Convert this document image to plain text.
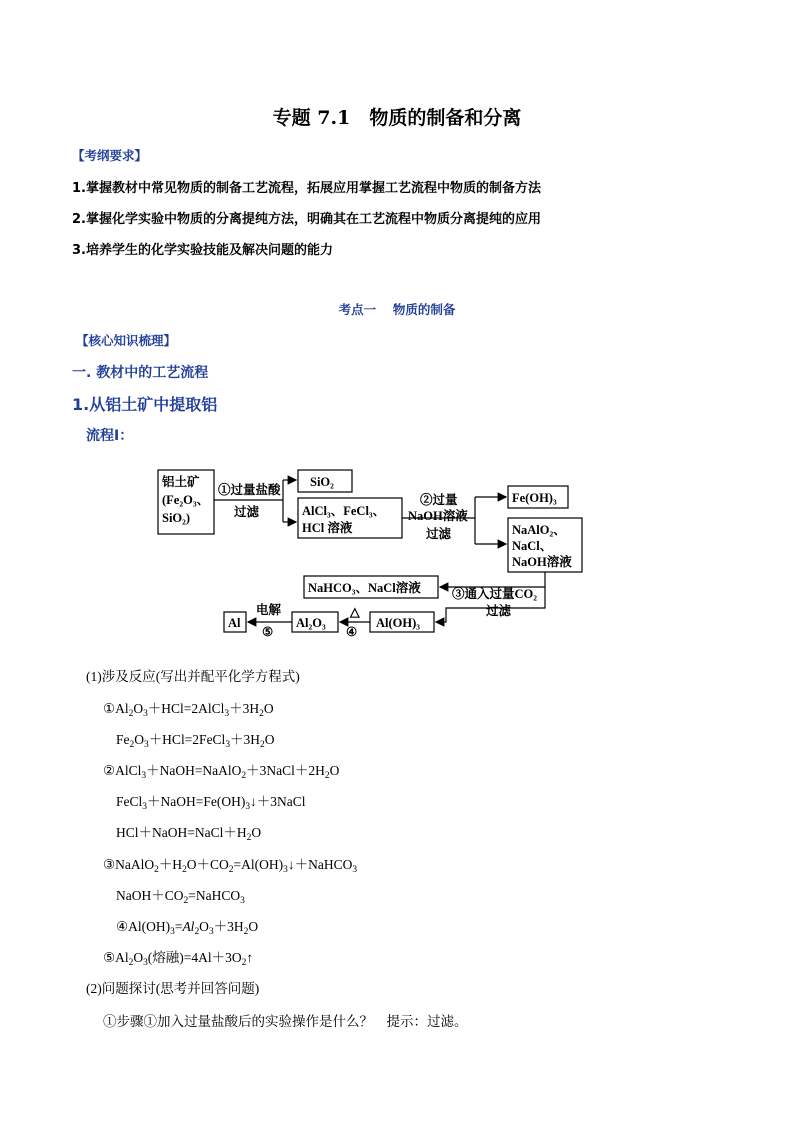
专题 7.1　物质的制备和分离
【考纲要求】
1.掌握教材中常见物质的制备工艺流程，拓展应用掌握工艺流程中物质的制备方法
2.掌握化学实验中物质的分离提纯方法，明确其在工艺流程中物质分离提纯的应用
3.培养学生的化学实验技能及解决问题的能力
考点一　 物质的制备
【核心知识梳理】
一. 教材中的工艺流程
1.从铝土矿中提取铝
流程Ⅰ：
铝土矿
(Fe₂O₃、
SiO₂)
①过量盐酸
过滤
SiO₂
AlCl₃、FeCl₃、
HCl 溶液
②过量
NaOH溶液
过滤
Fe(OH)₃
NaAlO₂、
NaCl、
NaOH溶液
NaHCO₃、NaCl溶液 ③通入过量CO₂
过滤
Al(OH)₃
△
④
Al₂O₃
电解
⑤
Al
(1)涉及反应(写出并配平化学方程式)
$①Al_2O_3+HCl=2AlCl_3+3H_2O$
$Fe_2O_3+HCl=2FeCl_3+3H_2O$
$②AlCl_3+NaOH=NaAlO_2+3NaCl+2H_2O$
$FeCl_3+NaOH=Fe(OH)_3↓+3NaCl$
$HCl+NaOH=NaCl+H_2O$
$③NaAlO_2+H_2O+CO_2=Al(OH)_3↓+NaHCO_3$
$NaOH+CO_2=NaHCO_3$
$④Al(OH)_3=Al_2O_3+3H_2O$
$⑤Al_2O_3$(熔融)$=4Al+3O_2↑$
(2)问题探讨(思考并回答问题)
①步骤①加入过量盐酸后的实验操作是什么？　提示：过滤。
